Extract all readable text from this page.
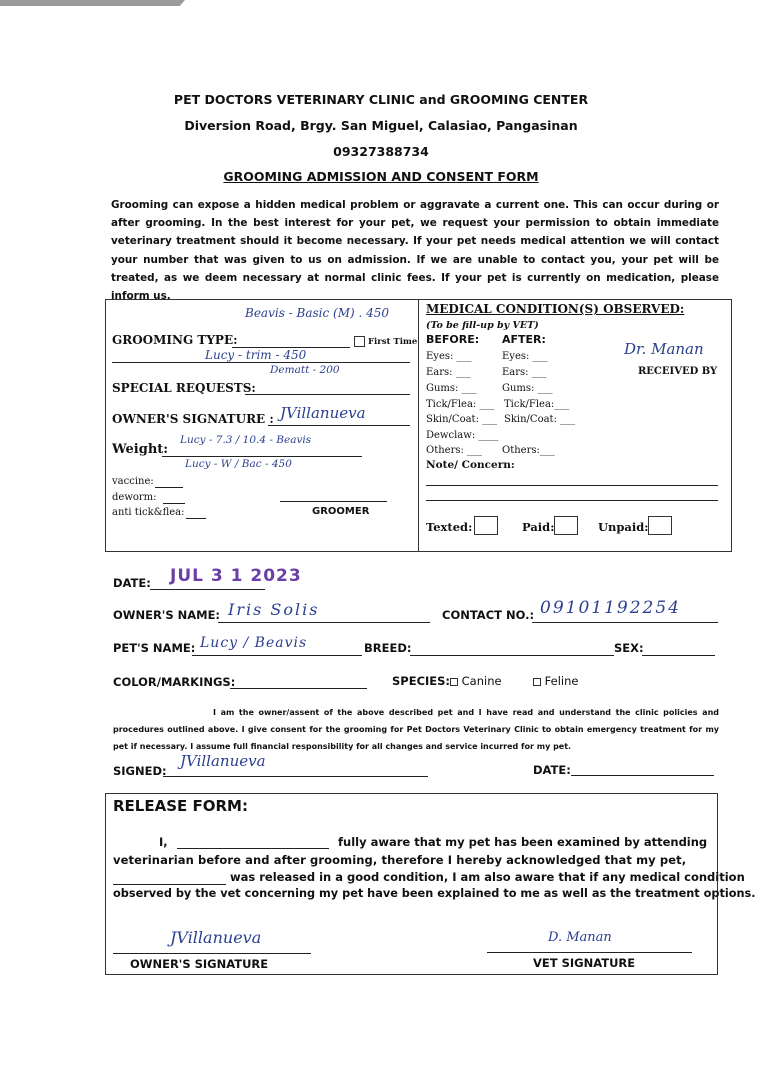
PET DOCTORS VETERINARY CLINIC and GROOMING CENTER
Diversion Road, Brgy. San Miguel, Calasiao, Pangasinan
09327388734
GROOMING ADMISSION AND CONSENT FORM
Grooming can expose a hidden medical problem or aggravate a current one. This can occur during or after grooming. In the best interest for your pet, we request your permission to obtain immediate veterinary treatment should it become necessary. If your pet needs medical attention we will contact your number that was given to us on admission. If we are unable to contact you, your pet will be treated, as we deem necessary at normal clinic fees. If your pet is currently on medication, please inform us.
Beavis - Basic (M) . 450
GROOMING TYPE:	First Time
Lucy - trim - 450
Dematt - 200
SPECIAL REQUESTS:
OWNER'S SIGNATURE : JVillanueva
Weight:
Lucy - 7.3 / 10.4 - Beavis
Lucy - W / Bac - 450
vaccine:
deworm:
anti tick&flea:	GROOMER
MEDICAL CONDITION(S) OBSERVED:
(To be fill-up by VET)
BEFORE: AFTER:
Eyes: ___	Eyes: ___
Ears: ___	Ears: ___
Gums: ___	Gums: ___
Tick/Flea: ___ Tick/Flea:___
Skin/Coat: ___ Skin/Coat: ___
Dewclaw: ____
Others: ___ Others:___
Note/ Concern:
Dr. Manan
RECEIVED BY
Texted:	Paid:	Unpaid:
DATE: JUL 3 1 2023
OWNER'S NAME: Iris Solis	CONTACT NO.: 09101192254
PET'S NAME: Lucy / Beavis	BREED:	SEX:
COLOR/MARKINGS:	SPECIES:	Canine	Feline
I am the owner/assent of the above described pet and I have read and understand the clinic policies and procedures outlined above. I give consent for the grooming for Pet Doctors Veterinary Clinic to obtain emergency treatment for my pet if necessary. I assume full financial responsibility for all changes and service incurred for my pet.
SIGNED:
JVillanueva	DATE:
RELEASE FORM:
I,	fully aware that my pet has been examined by attending
veterinarian before and after grooming, therefore I hereby acknowledged that my pet,
was released in a good condition, I am also aware that if any medical condition
observed by the vet concerning my pet have been explained to me as well as the treatment options.
JVillanueva
OWNER'S SIGNATURE
D. Manan
VET SIGNATURE
